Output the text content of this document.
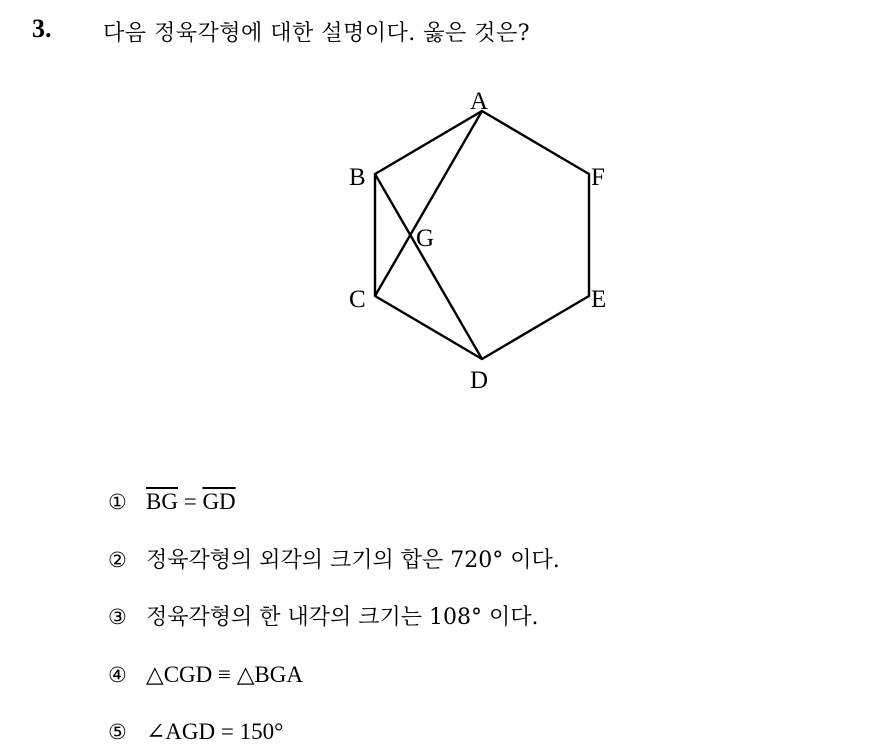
3. 다음 정육각형에 대한 설명이다. 옳은 것은?
A
B
C
D
E
F
G
① $\overline{BG} = \overline{GD}$
② 정육각형의 외각의 크기의 합은 720° 이다.
③ 정육각형의 한 내각의 크기는 108° 이다.
④ △CGD ≡ △BGA
⑤ ∠AGD = 150°
